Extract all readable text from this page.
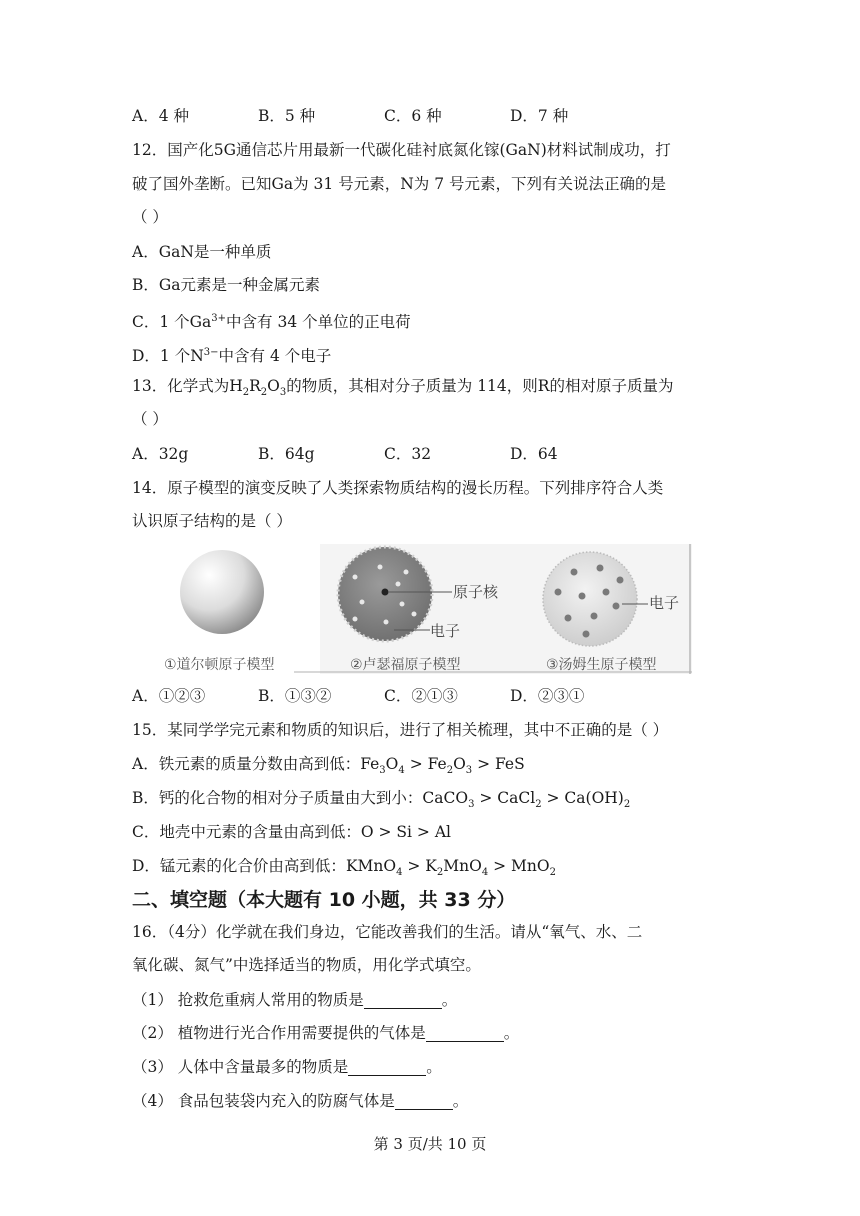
A．4 种	B．5 种	C．6 种	D．7 种
12．国产化5G通信芯片用最新一代碳化硅衬底氮化镓(GaN)材料试制成功，打
破了国外垄断。已知Ga为 31 号元素，N为 7 号元素，下列有关说法正确的是
（ ）
A．GaN是一种单质
B．Ga元素是一种金属元素
C．1 个$Ga^{3+}$中含有 34 个单位的正电荷
D．1 个$N^{3-}$中含有 4 个电子
13．化学式为$H_2R_2O_3$的物质，其相对分子质量为 114，则R的相对原子质量为
（ ）
A．32g	B．64g	C．32	D．64
14．原子模型的演变反映了人类探索物质结构的漫长历程。下列排序符合人类
认识原子结构的是（ ）
原子核
电子
电子
①道尔顿原子模型	②卢瑟福原子模型	③汤姆生原子模型
A．①②③	B．①③②	C．②①③	D．②③①
15．某同学学完元素和物质的知识后，进行了相关梳理，其中不正确的是（ ）
A．铁元素的质量分数由高到低：$Fe_3O_4 > Fe_2O_3$ > FeS
B．钙的化合物的相对分子质量由大到小：CaCO$_3$ > CaCl$_2$ > $Ca(OH)_2$
C．地壳中元素的含量由高到低：O > Si > Al
D．锰元素的化合价由高到低：KMnO$_4$ > $K_2MnO_4 > MnO_2$
二、填空题（本大题有 10 小题，共 33 分）
16．（4分）化学就在我们身边，它能改善我们的生活。请从“氧气、水、二
氧化碳、氮气”中选择适当的物质，用化学式填空。
（1） 抢救危重病人常用的物质是	。
（2） 植物进行光合作用需要提供的气体是	。
（3） 人体中含量最多的物质是	。
（4） 食品包装袋内充入的防腐气体是	。
第 3 页/共 10 页
